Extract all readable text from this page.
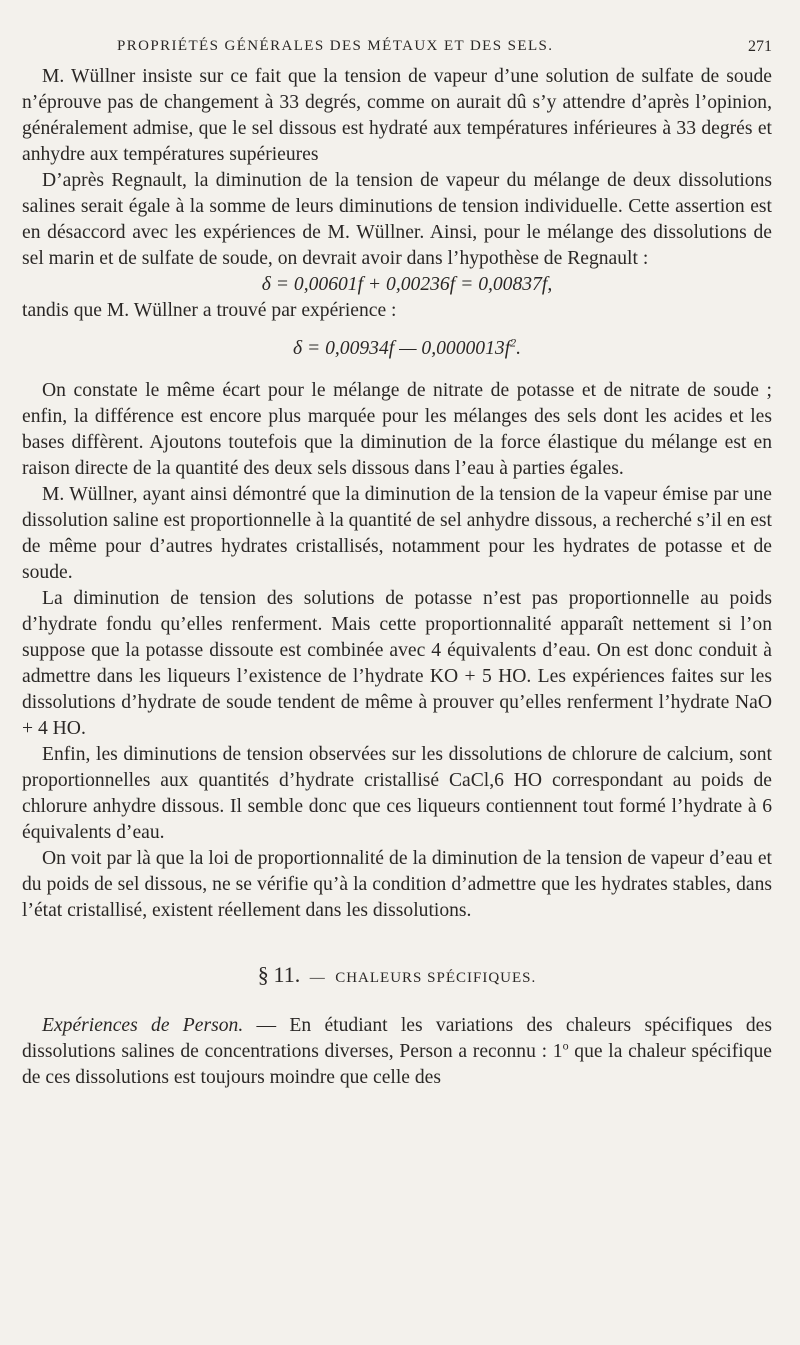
PROPRIÉTÉS GÉNÉRALES DES MÉTAUX ET DES SELS.	271

M. Wüllner insiste sur ce fait que la tension de vapeur d’une solution de sulfate de soude n’éprouve pas de changement à 33 degrés, comme on aurait dû s’y attendre d’après l’opinion, généralement admise, que le sel dissous est hydraté aux températures inférieures à 33 degrés et anhydre aux températures supérieures

D’après Regnault, la diminution de la tension de vapeur du mélange de deux dissolutions salines serait égale à la somme de leurs diminutions de tension individuelle. Cette assertion est en désaccord avec les expériences de M. Wüllner. Ainsi, pour le mélange des dissolutions de sel marin et de sulfate de soude, on devrait avoir dans l’hypothèse de Regnault :

δ = 0,00601f + 0,00236f = 0,00837f,

tandis que M. Wüllner a trouvé par expérience :

δ = 0,00934f — $0,0000013f^2$.

On constate le même écart pour le mélange de nitrate de potasse et de nitrate de soude ; enfin, la différence est encore plus marquée pour les mélanges des sels dont les acides et les bases diffèrent. Ajoutons toutefois que la diminution de la force élastique du mélange est en raison directe de la quantité des deux sels dissous dans l’eau à parties égales.

M. Wüllner, ayant ainsi démontré que la diminution de la tension de la vapeur émise par une dissolution saline est proportionnelle à la quantité de sel anhydre dissous, a recherché s’il en est de même pour d’autres hydrates cristallisés, notamment pour les hydrates de potasse et de soude.

La diminution de tension des solutions de potasse n’est pas proportionnelle au poids d’hydrate fondu qu’elles renferment. Mais cette proportionnalité apparaît nettement si l’on suppose que la potasse dissoute est combinée avec 4 équivalents d’eau. On est donc conduit à admettre dans les liqueurs l’existence de l’hydrate KO + 5 HO. Les expériences faites sur les dissolutions d’hydrate de soude tendent de même à prouver qu’elles renferment l’hydrate NaO + 4 HO.

Enfin, les diminutions de tension observées sur les dissolutions de chlorure de calcium, sont proportionnelles aux quantités d’hydrate cristallisé CaCl,6 HO correspondant au poids de chlorure anhydre dissous. Il semble donc que ces liqueurs contiennent tout formé l’hydrate à 6 équivalents d’eau.

On voit par là que la loi de proportionnalité de la diminution de la tension de vapeur d’eau et du poids de sel dissous, ne se vérifie qu’à la condition d’admettre que les hydrates stables, dans l’état cristallisé, existent réellement dans les dissolutions.

§ 11. — CHALEURS SPÉCIFIQUES.

Expériences de Person. — En étudiant les variations des chaleurs spécifiques des dissolutions salines de concentrations diverses, Person a reconnu : 1$^o$ que la chaleur spécifique de ces dissolutions est toujours moindre que celle des
